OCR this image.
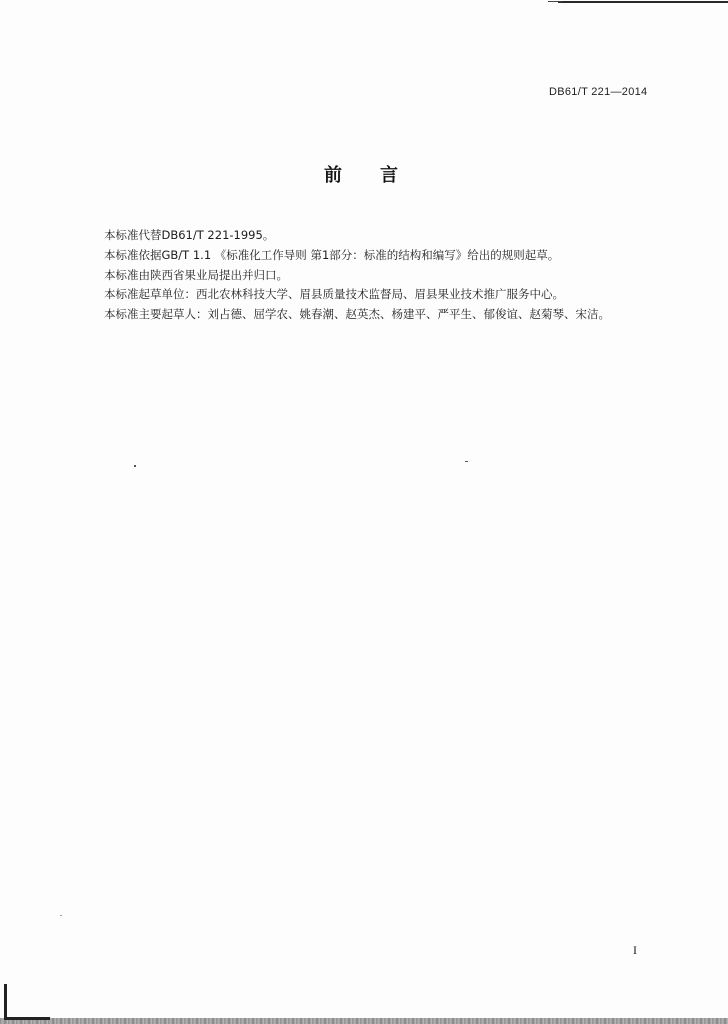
DB61/T 221—2014
前 言
本标准代替DB61/T 221-1995。
本标准依据GB/T 1.1 《标准化工作导则 第1部分：标准的结构和编写》给出的规则起草。
本标准由陕西省果业局提出并归口。
本标准起草单位：西北农林科技大学、眉县质量技术监督局、眉县果业技术推广服务中心。
本标准主要起草人：刘占德、屈学农、姚春潮、赵英杰、杨建平、严平生、郁俊谊、赵菊琴、宋洁。
I
